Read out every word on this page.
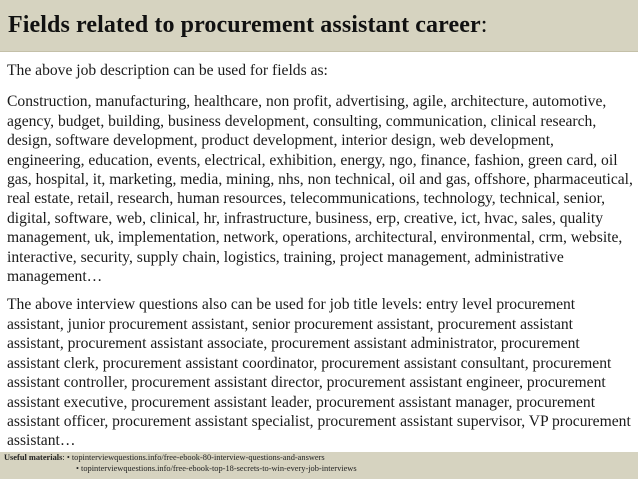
Fields related to procurement assistant career:

The above job description can be used for fields as:

Construction, manufacturing, healthcare, non profit, advertising, agile, architecture, automotive, agency, budget, building, business development, consulting, communication, clinical research, design, software development, product development, interior design, web development, engineering, education, events, electrical, exhibition, energy, ngo, finance, fashion, green card, oil gas, hospital, it, marketing, media, mining, nhs, non technical, oil and gas, offshore, pharmaceutical, real estate, retail, research, human resources, telecommunications, technology, technical, senior, digital, software, web, clinical, hr, infrastructure, business, erp, creative, ict, hvac, sales, quality management, uk, implementation, network, operations, architectural, environmental, crm, website, interactive, security, supply chain, logistics, training, project management, administrative management…

The above interview questions also can be used for job title levels: entry level procurement assistant, junior procurement assistant, senior procurement assistant, procurement assistant assistant, procurement assistant associate, procurement assistant administrator, procurement assistant clerk, procurement assistant coordinator, procurement assistant consultant, procurement assistant controller, procurement assistant director, procurement assistant engineer, procurement assistant executive, procurement assistant leader, procurement assistant manager, procurement assistant officer, procurement assistant specialist, procurement assistant supervisor, VP procurement assistant…

Useful materials: • topinterviewquestions.info/free-ebook-80-interview-questions-and-answers
• topinterviewquestions.info/free-ebook-top-18-secrets-to-win-every-job-interviews
